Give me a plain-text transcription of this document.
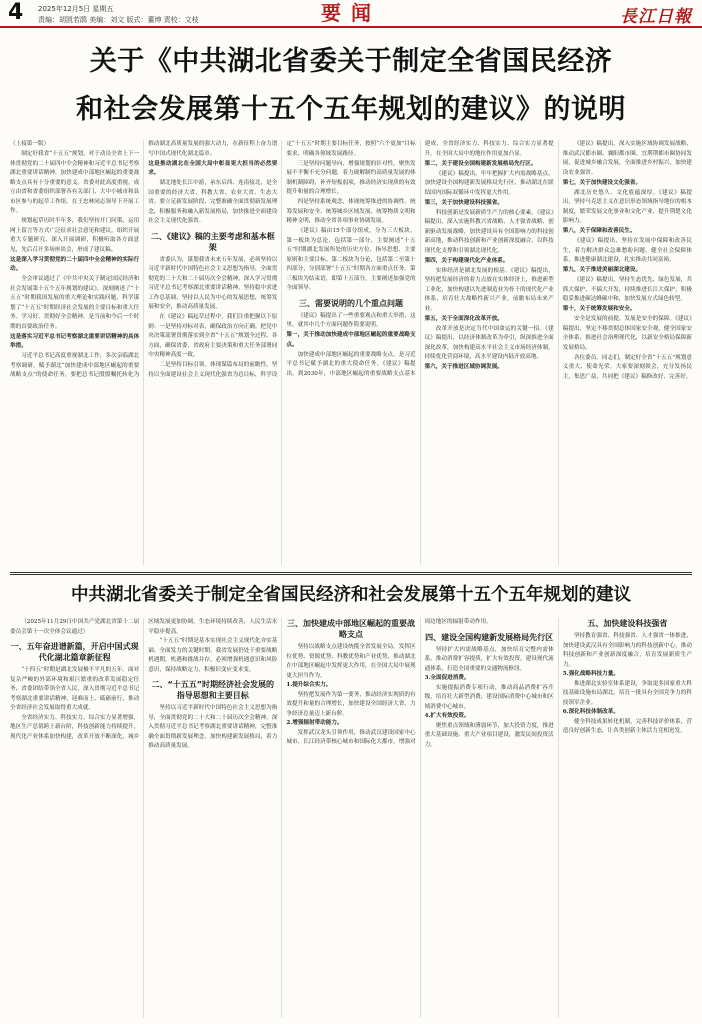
4 2025年12月5日 星期五
责编：胡凯若鹃 美编：刘文 版式：董坤 责校：文枝	要闻	長江日報
关于《中共湖北省委关于制定全省国民经济
和社会发展第十五个五年规划的建议》的说明

（上接第一版）

制定好我省“十五五”规划，对于动员全省上下一体贯彻党的二十届四中全会精神和习近平总书记考察湖北重要讲话精神，加快建成中部地区崛起的重要战略支点具有十分重要的意义。省委对此高度重视，成立由省和省委组织部署各有关部门、大中小城市和县市区参与的起草工作组，在王忠林同志领导下开展工作。

规划起草历时半年多，我们坚持开门问策，运用网上留言等方式广泛征求社会意见和建议，组织开展重大专题研究，深入开展调研，积极听取各方面意见，先后召开多场座谈会，形成了建议稿。

这是深入学习贯彻党的二十届四中全会精神的实际行动。

全会审议通过了《中共中央关于制定国民经济和社会发展第十五个五年规划的建议》，深刻阐述了“十五五”时期我国发展的重大理论和实践问题，科学谋划了“十五五”时期经济社会发展的主要目标和重大任务。学习好、贯彻好全会精神，是当前和今后一个时期的首要政治任务。

这是落实习近平总书记考察湖北重要讲话精神的具体举措。

习近平总书记高度重视湖北工作，多次亲临湖北考察调研，赋予湖北“加快建成中部地区崛起的重要战略支点”的使命任务。要把总书记殷殷嘱托转化为推动湖北高质量发展的强大动力，在新征程上奋力谱写中国式现代化湖北篇章。

这是推动湖北在全国大局中彰显更大担当的必然要求。

湖北地处长江中游，承东启西、连南接北，是全国重要的经济大省、科教大省、农业大省、生态大省。要立足新发展阶段，完整准确全面贯彻新发展理念，积极服务和融入新发展格局，加快推进全面建设社会主义现代化强省。

二、《建议》稿的主要考虑和基本框架

省委认为，谋划我省未来五年发展，必须坚持以习近平新时代中国特色社会主义思想为指导，全面贯彻党的二十大和二十届历次全会精神，深入学习贯彻习近平总书记考察湖北重要讲话精神，坚持稳中求进工作总基调，坚持以人民为中心的发展思想，统筹发展和安全，推动高质量发展。

在《建议》稿起草过程中，我们注重把握以下原则：一是坚持对标对表，确保政治方向正确。把党中央决策部署贯彻落实到全省“十五五”规划全过程、各方面，确保省委、省政府主要决策和重大任务部署同中央精神高度一致。

二是坚持目标引领，体现谋篇布局的前瞻性。坚持以全面建设社会主义现代化强省为总目标，科学设定“十五五”时期主要目标任务，按照“六个更加”目标要求，明确各领域发展路径。

三是坚持问题导向，增强规划的针对性。聚焦发展不平衡不充分问题，着力破解制约高质量发展的体制机制障碍，补齐短板弱项，推动经济实现质的有效提升和量的合理增长。

四是坚持系统观念，体现统筹推进的协调性。统筹发展和安全、统筹城乡区域发展、统筹物质文明和精神文明，推动全省各项事业协调发展。

《建议》稿由15个部分组成，分为三大板块。第一板块为总论，包括第一部分，主要阐述“十五五”时期湖北发展所处的历史方位、指导思想、主要原则和主要目标。第二板块为分论，包括第二至第十四部分，分别部署“十五五”时期各方面重点任务。第三板块为结束语，即第十五部分，主要阐述加强党的全面领导。

三、需要说明的几个重点问题

《建议》稿提出了一些重要观点和重大举措，这里，就其中几个方面问题作简要说明。

第一，关于推动加快建成中部地区崛起的重要战略支点。

加快建成中部地区崛起的重要战略支点，是习近平总书记赋予湖北的重大使命任务。《建议》稿提出，到2030年，中部地区崛起的重要战略支点基本建成，全省经济实力、科技实力、综合实力显著提升，在全国大局中的地位作用更加凸显。

第二，关于建设全国构建新发展格局先行区。

《建议》稿提出，牢牢把握扩大内需战略基点，加快建设全国构建新发展格局先行区，推动湖北在联结国内国际双循环中发挥更大作用。

第三，关于加快建设科技强省。

科技创新是发展新质生产力的核心要素。《建议》稿提出，深入实施科教兴省战略、人才强省战略、创新驱动发展战略，加快建设具有全国影响力的科技创新高地，推动科技创新和产业创新深度融合，以科技现代化支撑和引领湖北现代化。

第四，关于构建现代化产业体系。

实体经济是湖北发展的根基。《建议》稿提出，坚持把发展经济的着力点放在实体经济上，推进新型工业化，加快构建以先进制造业为骨干的现代化产业体系，培育壮大战略性新兴产业，前瞻布局未来产业。

第五，关于全面深化改革开放。

改革开放是决定当代中国命运的关键一招。《建议》稿提出，以经济体制改革为牵引，纵深推进全面深化改革，加快构建高水平社会主义市场经济体制，持续优化营商环境，高水平建设内陆开放高地。

第六，关于推进区域协调发展。

《建议》稿提出，深入实施区域协调发展战略，推动武汉都市圈、襄阳都市圈、宜荆荆都市圈协同发展，促进城乡融合发展，全面推进乡村振兴，加快建设农业强省。

第七，关于加快建设文化强省。

湖北历史悠久、文化底蕴深厚。《建议》稿提出，坚持马克思主义在意识形态领域指导地位的根本制度，繁荣发展文化事业和文化产业，提升荆楚文化影响力。

第八，关于保障和改善民生。

《建议》稿提出，坚持在发展中保障和改善民生，着力解决群众急难愁盼问题，健全社会保障体系，推进健康湖北建设，扎实推动共同富裕。

第九，关于推进美丽湖北建设。

《建议》稿提出，坚持生态优先、绿色发展，共抓大保护、不搞大开发，持续推进长江大保护，积极稳妥推进碳达峰碳中和，加快发展方式绿色转型。

第十，关于统筹发展和安全。

安全是发展的前提，发展是安全的保障。《建议》稿提出，坚定不移贯彻总体国家安全观，健全国家安全体系，推进社会治理现代化，以新安全格局保障新发展格局。

各位委员、同志们，制定好全省“十五五”规划意义重大、使命光荣。大家要深刻领会，充分发扬民主，集思广益，共同把《建议》稿修改好、完善好。

中共湖北省委关于制定全省国民经济和社会发展第十五个五年规划的建议

（2025年11月29日中国共产党湖北省第十二届委员会第十一次全体会议通过）

一、五年奋进谱新篇，开启中国式现代化湖北篇章新征程

“十四五”时期是湖北发展极不平凡的五年。面对复杂严峻的外部环境和艰巨繁重的改革发展稳定任务，省委团结带领全省人民，深入贯彻习近平总书记考察湖北重要讲话精神，迎难而上、砥砺前行，推动全省经济社会发展取得重大成就。

全省经济实力、科技实力、综合实力显著增强，地区生产总值跨上新台阶，科技创新能力持续提升，现代化产业体系加快构建，改革开放不断深化，城乡区域发展更加协调，生态环境持续改善，人民生活水平稳步提高。

“十五五”时期是基本实现社会主义现代化夯实基础、全面发力的关键时期。我省发展仍处于重要战略机遇期，机遇和挑战并存，必须增强机遇意识和风险意识，保持战略定力，积极识变应变求变。

二、“十五五”时期经济社会发展的指导思想和主要目标

坚持以习近平新时代中国特色社会主义思想为指导，全面贯彻党的二十大和二十届历次全会精神，深入贯彻习近平总书记考察湖北重要讲话精神，完整准确全面贯彻新发展理念，加快构建新发展格局，着力推动高质量发展。

三、加快建成中部地区崛起的重要战略支点

坚持以战略支点建设统揽全省发展全局，发挥区位优势、资源优势、科教优势和产业优势，推动湖北在中部地区崛起中发挥更大作用，在全国大局中展现更大担当作为。

1.提升综合实力。

坚持把发展作为第一要务，推动经济实现质的有效提升和量的合理增长，加快建设全国经济大省，力争经济总量迈上新台阶。

2.增强辐射带动能力。

发挥武汉龙头引领作用，推动武汉建设国家中心城市、长江经济带核心城市和国际化大都市，增强对周边地区的辐射带动作用。

四、建设全国构建新发展格局先行区

坚持扩大内需战略基点，加快培育完整内需体系，推动消费扩容提质，扩大有效投资，建设现代流通体系，打造全国重要的交通物流枢纽。

3.全面促进消费。

实施提振消费专项行动，推动商品消费扩容升级，培育壮大新型消费，建设国际消费中心城市和区域消费中心城市。

4.扩大有效投资。

聚焦重点领域和薄弱环节，加大投资力度，推进重大基础设施、重大产业项目建设，激发民间投资活力。

五、加快建设科技强省

坚持教育强省、科技强省、人才强省一体推进，加快建设武汉具有全国影响力的科技创新中心，推动科技创新和产业创新深度融合，培育发展新质生产力。

5.强化战略科技力量。

推进湖北实验室体系建设，争取更多国家重大科技基础设施布局湖北，培育一批具有全国竞争力的科技领军企业。

6.深化科技体制改革。

健全科技成果转化机制，完善科技评价体系，营造良好创新生态，让各类创新主体活力竞相迸发。
